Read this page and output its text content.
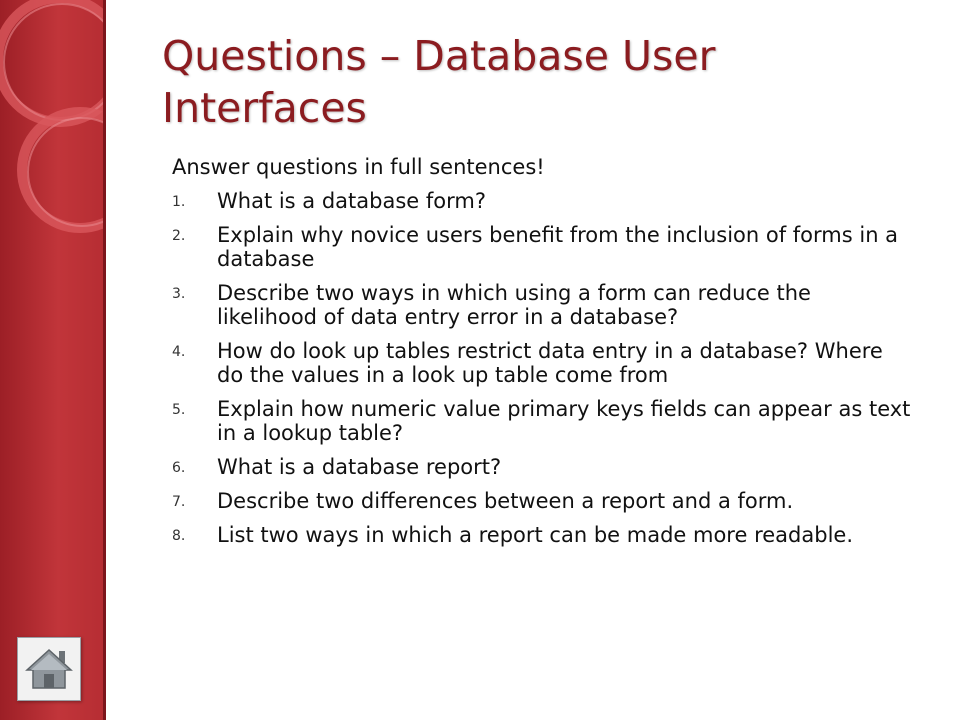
Questions – Database User Interfaces

Answer questions in full sentences!

1. What is a database form?
2. Explain why novice users benefit from the inclusion of forms in a database
3. Describe two ways in which using a form can reduce the likelihood of data entry error in a database?
4. How do look up tables restrict data entry in a database? Where do the values in a look up table come from
5. Explain how numeric value primary keys fields can appear as text in a lookup table?
6. What is a database report?
7. Describe two differences between a report and a form.
8. List two ways in which a report can be made more readable.
